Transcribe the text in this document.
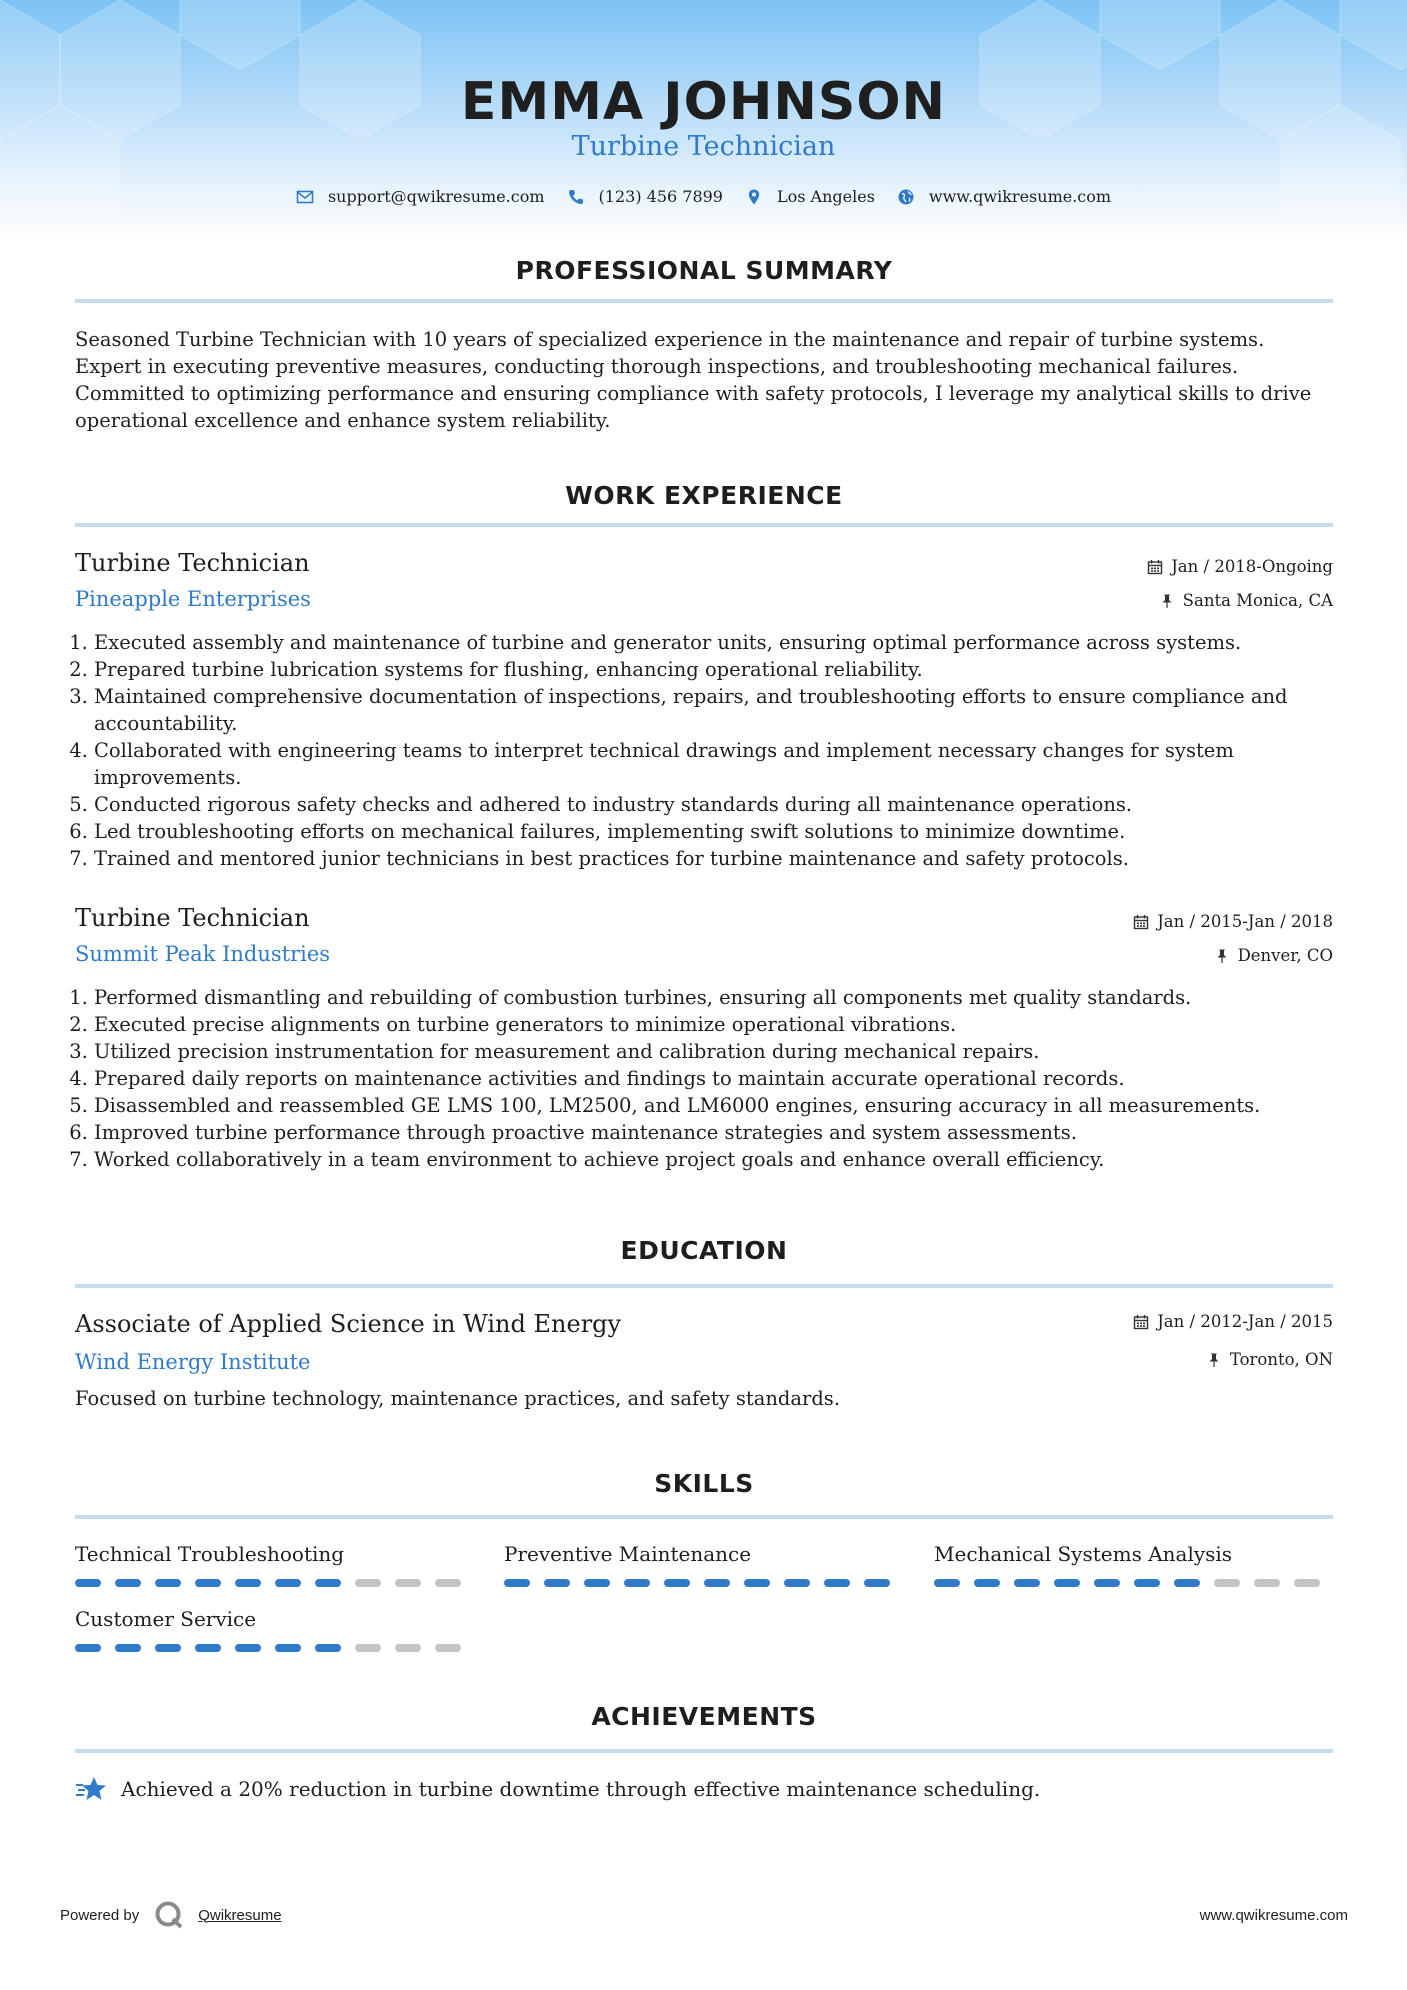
EMMA JOHNSON
Turbine Technician
support@qwikresume.com	(123) 456 7899	Los Angeles	www.qwikresume.com
PROFESSIONAL SUMMARY
Seasoned Turbine Technician with 10 years of specialized experience in the maintenance and repair of turbine systems. Expert in executing preventive measures, conducting thorough inspections, and troubleshooting mechanical failures. Committed to optimizing performance and ensuring compliance with safety protocols, I leverage my analytical skills to drive operational excellence and enhance system reliability.
WORK EXPERIENCE
Turbine Technician	Jan / 2018-Ongoing
Pineapple Enterprises	Santa Monica, CA
1. Executed assembly and maintenance of turbine and generator units, ensuring optimal performance across systems.
2. Prepared turbine lubrication systems for flushing, enhancing operational reliability.
3. Maintained comprehensive documentation of inspections, repairs, and troubleshooting efforts to ensure compliance and accountability.
4. Collaborated with engineering teams to interpret technical drawings and implement necessary changes for system improvements.
5. Conducted rigorous safety checks and adhered to industry standards during all maintenance operations.
6. Led troubleshooting efforts on mechanical failures, implementing swift solutions to minimize downtime.
7. Trained and mentored junior technicians in best practices for turbine maintenance and safety protocols.
Turbine Technician	Jan / 2015-Jan / 2018
Summit Peak Industries	Denver, CO
1. Performed dismantling and rebuilding of combustion turbines, ensuring all components met quality standards.
2. Executed precise alignments on turbine generators to minimize operational vibrations.
3. Utilized precision instrumentation for measurement and calibration during mechanical repairs.
4. Prepared daily reports on maintenance activities and findings to maintain accurate operational records.
5. Disassembled and reassembled GE LMS 100, LM2500, and LM6000 engines, ensuring accuracy in all measurements.
6. Improved turbine performance through proactive maintenance strategies and system assessments.
7. Worked collaboratively in a team environment to achieve project goals and enhance overall efficiency.
EDUCATION
Associate of Applied Science in Wind Energy	Jan / 2012-Jan / 2015
Wind Energy Institute	Toronto, ON
Focused on turbine technology, maintenance practices, and safety standards.
SKILLS
Technical Troubleshooting	Preventive Maintenance	Mechanical Systems Analysis
Customer Service
ACHIEVEMENTS
Achieved a 20% reduction in turbine downtime through effective maintenance scheduling.
Powered by	Qwikresume	www.qwikresume.com
